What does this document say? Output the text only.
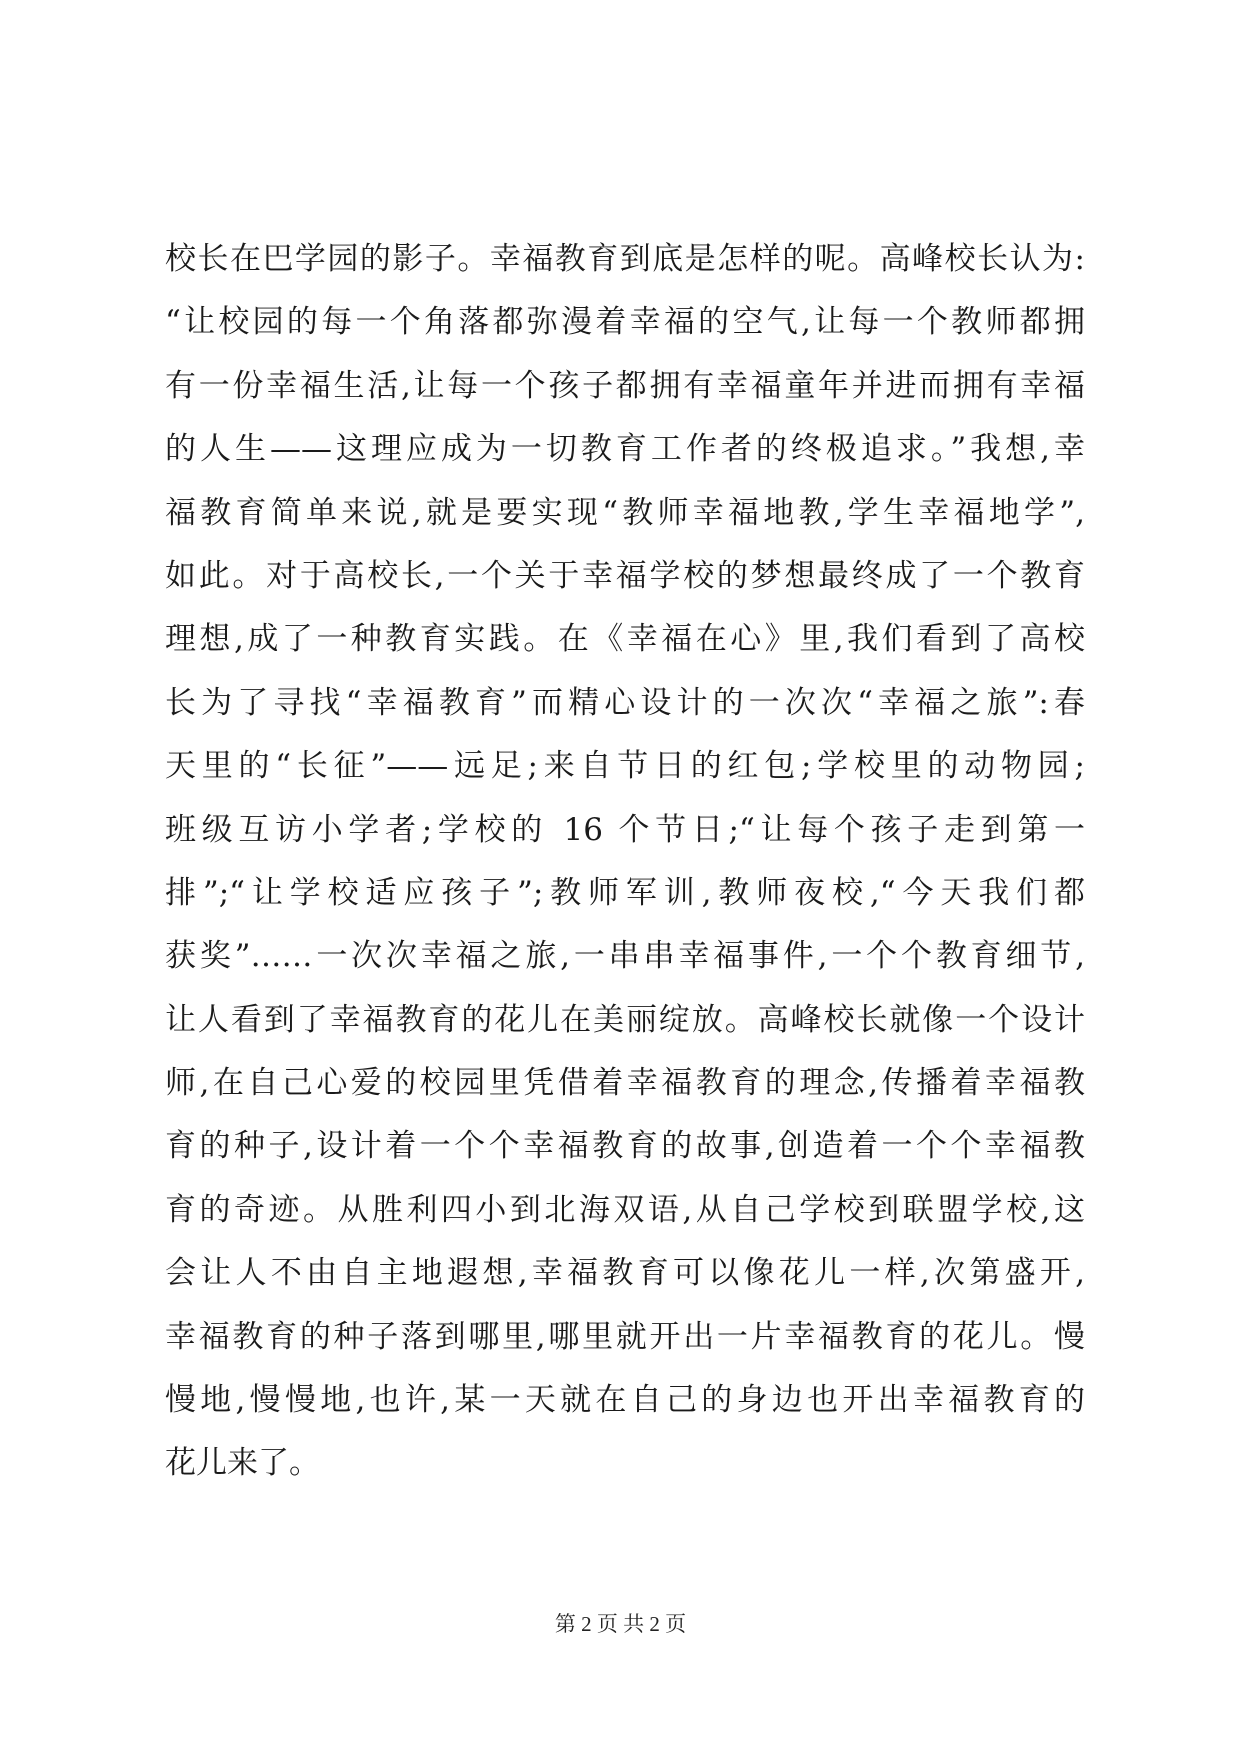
校长在巴学园的影子。幸福教育到底是怎样的呢。高峰校长认为:
“让校园的每一个角落都弥漫着幸福的空气,让每一个教师都拥
有一份幸福生活,让每一个孩子都拥有幸福童年并进而拥有幸福
的人生——这理应成为一切教育工作者的终极追求。”我想,幸
福教育简单来说,就是要实现“教师幸福地教,学生幸福地学”,
如此。对于高校长,一个关于幸福学校的梦想最终成了一个教育
理想,成了一种教育实践。在《幸福在心》里,我们看到了高校
长为了寻找“幸福教育”而精心设计的一次次“幸福之旅”:春
天里的“长征”——远足;来自节日的红包;学校里的动物园;
班级互访小学者;学校的 16 个节日;“让每个孩子走到第一
排”;“让学校适应孩子”;教师军训,教师夜校,“今天我们都
获奖”……一次次幸福之旅,一串串幸福事件,一个个教育细节,
让人看到了幸福教育的花儿在美丽绽放。高峰校长就像一个设计
师,在自己心爱的校园里凭借着幸福教育的理念,传播着幸福教
育的种子,设计着一个个幸福教育的故事,创造着一个个幸福教
育的奇迹。从胜利四小到北海双语,从自己学校到联盟学校,这
会让人不由自主地遐想,幸福教育可以像花儿一样,次第盛开,
幸福教育的种子落到哪里,哪里就开出一片幸福教育的花儿。慢
慢地,慢慢地,也许,某一天就在自己的身边也开出幸福教育的
花儿来了。
第 2 页 共 2 页
